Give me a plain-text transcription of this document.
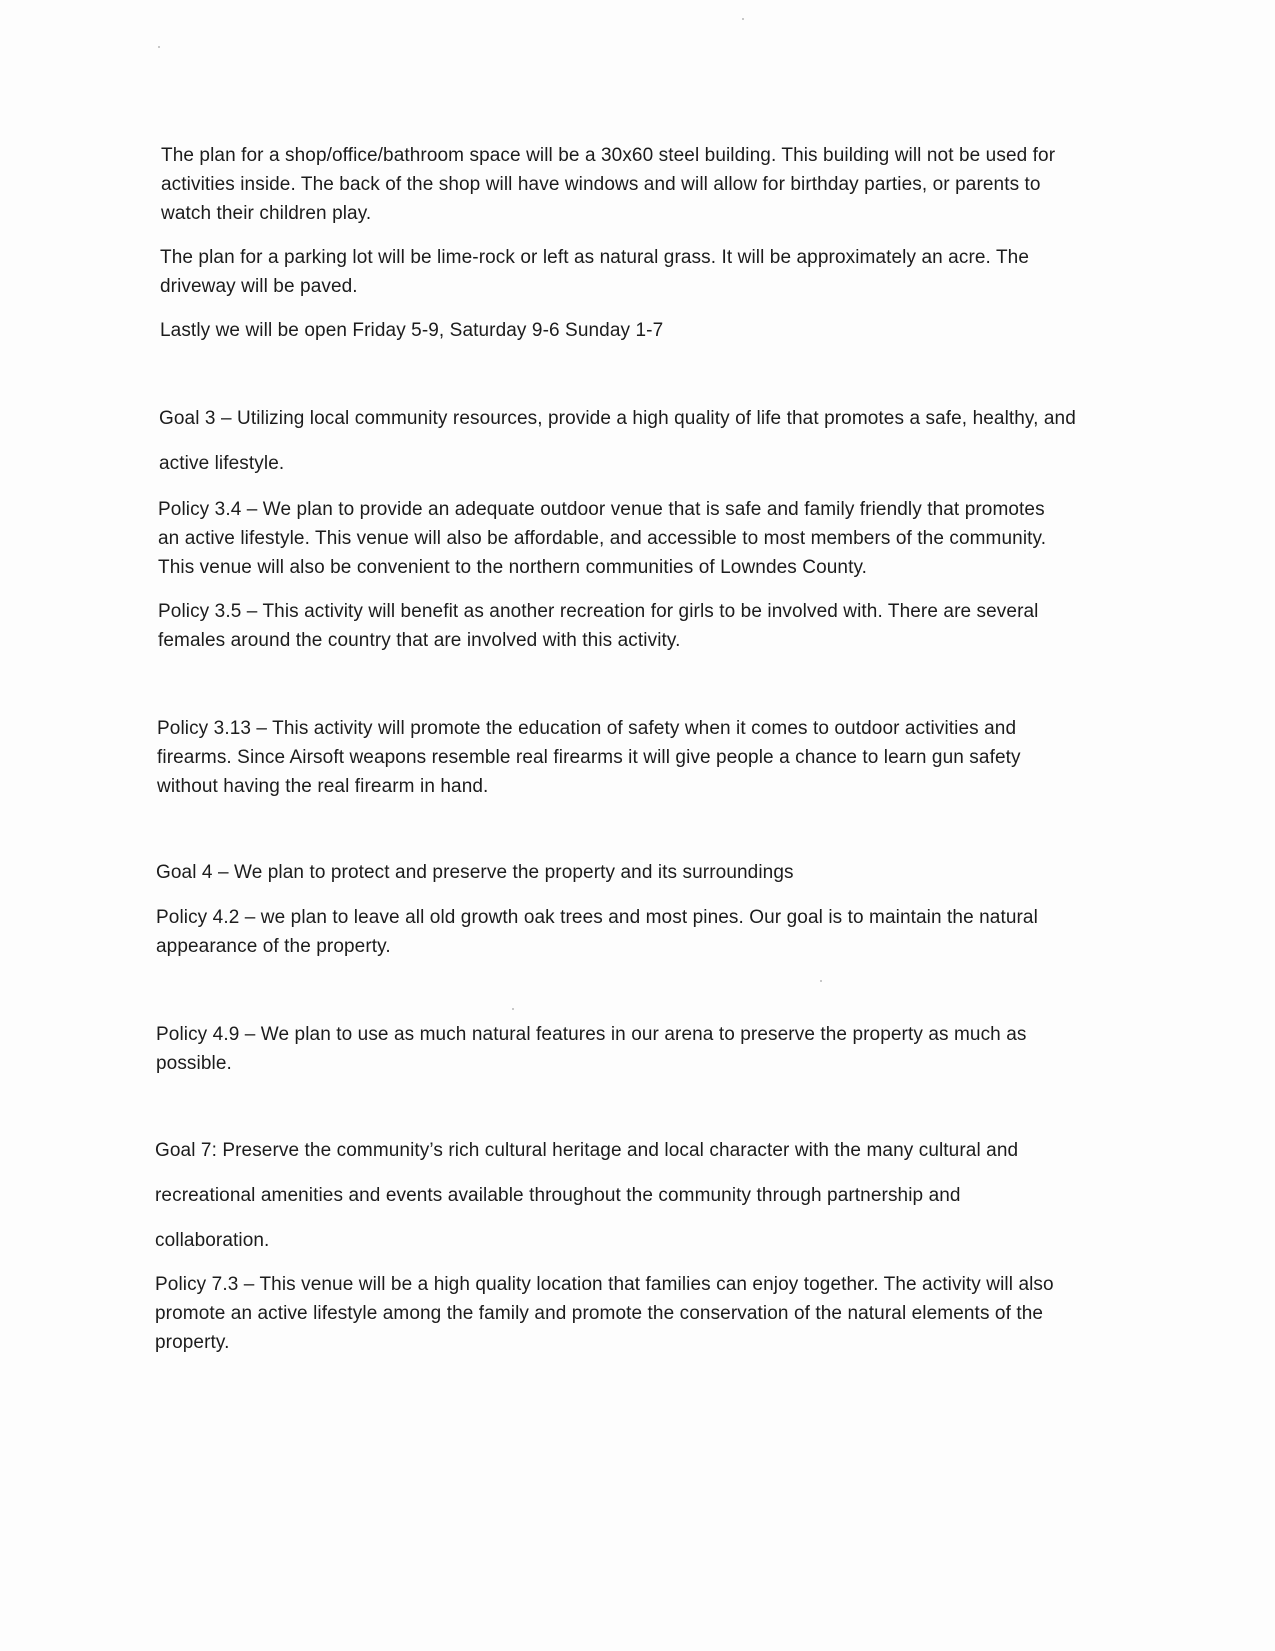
The plan for a shop/office/bathroom space will be a 30x60 steel building. This building will not be used for activities inside. The back of the shop will have windows and will allow for birthday parties, or parents to watch their children play.

The plan for a parking lot will be lime-rock or left as natural grass. It will be approximately an acre. The driveway will be paved.

Lastly we will be open Friday 5-9, Saturday 9-6 Sunday 1-7

Goal 3 – Utilizing local community resources, provide a high quality of life that promotes a safe, healthy, and active lifestyle.

Policy 3.4 – We plan to provide an adequate outdoor venue that is safe and family friendly that promotes an active lifestyle. This venue will also be affordable, and accessible to most members of the community. This venue will also be convenient to the northern communities of Lowndes County.

Policy 3.5 – This activity will benefit as another recreation for girls to be involved with. There are several females around the country that are involved with this activity.

Policy 3.13 – This activity will promote the education of safety when it comes to outdoor activities and firearms. Since Airsoft weapons resemble real firearms it will give people a chance to learn gun safety without having the real firearm in hand.

Goal 4 – We plan to protect and preserve the property and its surroundings

Policy 4.2 – we plan to leave all old growth oak trees and most pines. Our goal is to maintain the natural appearance of the property.

Policy 4.9 – We plan to use as much natural features in our arena to preserve the property as much as possible.

Goal 7: Preserve the community’s rich cultural heritage and local character with the many cultural and recreational amenities and events available throughout the community through partnership and collaboration.

Policy 7.3 – This venue will be a high quality location that families can enjoy together. The activity will also promote an active lifestyle among the family and promote the conservation of the natural elements of the property.
